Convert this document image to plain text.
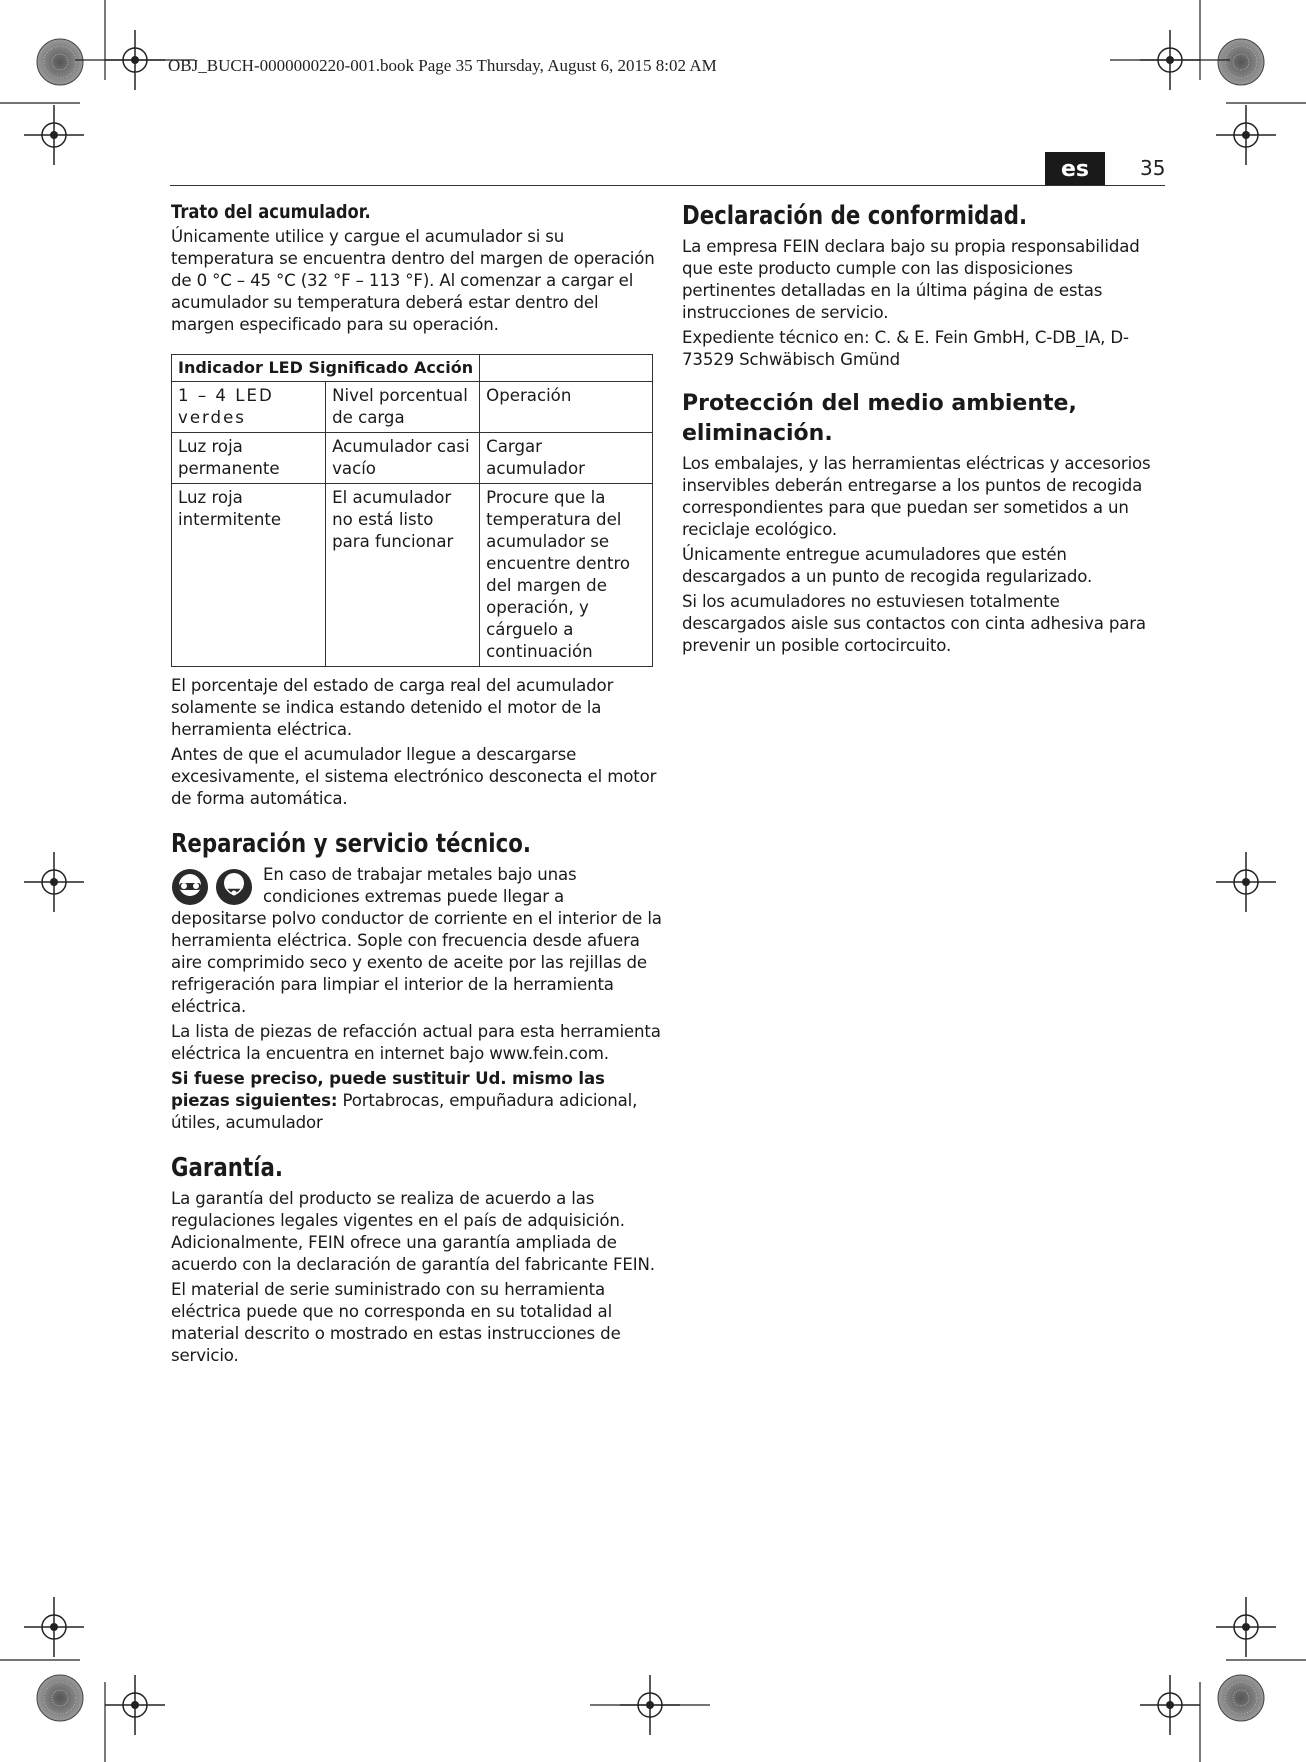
OBJ_BUCH-0000000220-001.book Page 35 Thursday, August 6, 2015 8:02 AM
es	35
Trato del acumulador.

Únicamente utilice y cargue el acumulador si su temperatura se encuentra dentro del margen de operación de 0 °C – 45 °C (32 °F – 113 °F). Al comenzar a cargar el acumulador su temperatura deberá estar dentro del margen especificado para su operación.

Indicador LED Significado Acción		
1 – 4 LED verdes	Nivel porcentual de carga	Operación
Luz roja permanente	Acumulador casi vacío	Cargar acumulador
Luz roja intermitente	El acumulador no está listo para funcionar	Procure que la temperatura del acumulador se encuentre dentro del margen de operación, y cárguelo a continuación

El porcentaje del estado de carga real del acumulador solamente se indica estando detenido el motor de la herramienta eléctrica.

Antes de que el acumulador llegue a descargarse excesivamente, el sistema electrónico desconecta el motor de forma automática.

Reparación y servicio técnico.

En caso de trabajar metales bajo unas condiciones extremas puede llegar a depositarse polvo conductor de corriente en el interior de la herramienta eléctrica. Sople con frecuencia desde afuera aire comprimido seco y exento de aceite por las rejillas de refrigeración para limpiar el interior de la herramienta eléctrica.

La lista de piezas de refacción actual para esta herramienta eléctrica la encuentra en internet bajo www.fein.com.

Si fuese preciso, puede sustituir Ud. mismo las piezas siguientes: Portabrocas, empuñadura adicional, útiles, acumulador

Garantía.

La garantía del producto se realiza de acuerdo a las regulaciones legales vigentes en el país de adquisición. Adicionalmente, FEIN ofrece una garantía ampliada de acuerdo con la declaración de garantía del fabricante FEIN.

El material de serie suministrado con su herramienta eléctrica puede que no corresponda en su totalidad al material descrito o mostrado en estas instrucciones de servicio.

Declaración de conformidad.

La empresa FEIN declara bajo su propia responsabilidad que este producto cumple con las disposiciones pertinentes detalladas en la última página de estas instrucciones de servicio.

Expediente técnico en: C. & E. Fein GmbH, C-DB_IA, D-73529 Schwäbisch Gmünd

Protección del medio ambiente, eliminación.

Los embalajes, y las herramientas eléctricas y accesorios inservibles deberán entregarse a los puntos de recogida correspondientes para que puedan ser sometidos a un reciclaje ecológico.

Únicamente entregue acumuladores que estén descargados a un punto de recogida regularizado.

Si los acumuladores no estuviesen totalmente descargados aisle sus contactos con cinta adhesiva para prevenir un posible cortocircuito.
